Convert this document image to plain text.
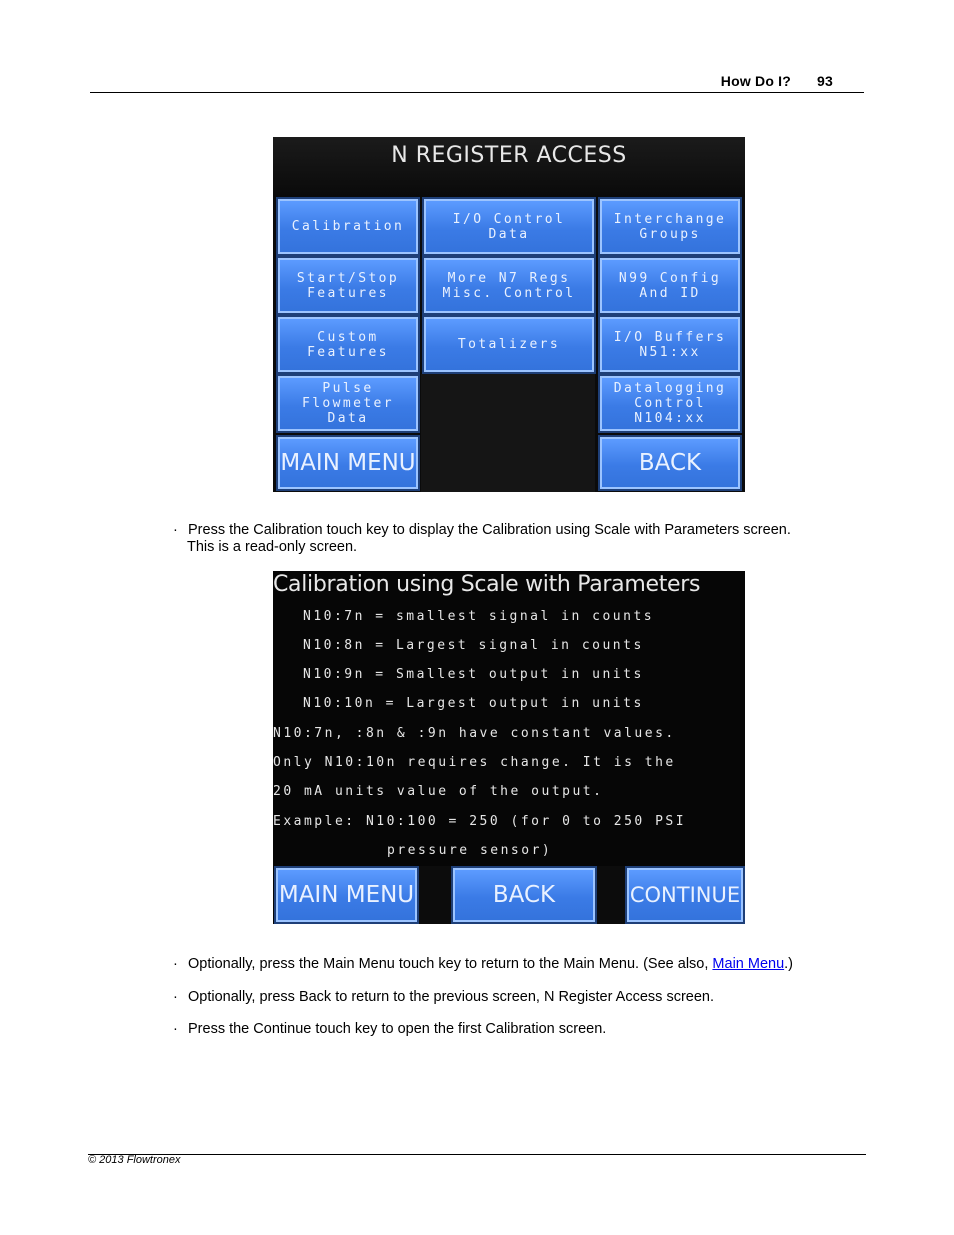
How Do I? 93
N REGISTER ACCESS
Calibration	I/O Control
Data
Interchange
Groups
Start/Stop
Features
More N7 Regs
Misc. Control
N99 Config
And ID
Custom
Features	Totalizers	I/O Buffers
N51:xx
Pulse
Flowmeter
Data
Datalogging
Control
N104:xx
MAIN MENU	BACK
· Press the Calibration touch key to display the Calibration using Scale with Parameters screen.
This is a read-only screen.
Calibration using Scale with Parameters
N10:7n = smallest signal in counts
N10:8n = Largest signal in counts
N10:9n = Smallest output in units
N10:10n = Largest output in units
N10:7n, :8n & :9n have constant values.
Only N10:10n requires change. It is the
20 mA units value of the output.
Example: N10:100 = 250 (for 0 to 250 PSI
pressure sensor)
MAIN MENU	BACK	CONTINUE
· Optionally, press the Main Menu touch key to return to the Main Menu. (See also, Main Menu.)
· Optionally, press Back to return to the previous screen, N Register Access screen.
· Press the Continue touch key to open the first Calibration screen.
© 2013 Flowtronex
